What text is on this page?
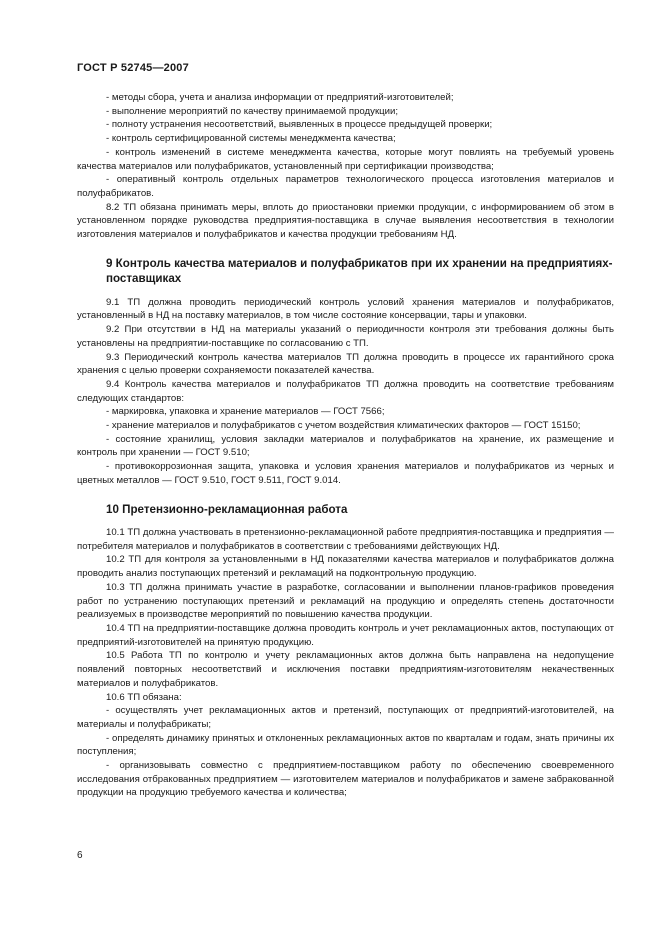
ГОСТ Р 52745—2007

- методы сбора, учета и анализа информации от предприятий-изготовителей;

- выполнение мероприятий по качеству принимаемой продукции;

- полноту устранения несоответствий, выявленных в процессе предыдущей проверки;

- контроль сертифицированной системы менеджмента качества;

- контроль изменений в системе менеджмента качества, которые могут повлиять на требуемый уровень качества материалов или полуфабрикатов, установленный при сертификации производства;

- оперативный контроль отдельных параметров технологического процесса изготовления материалов и полуфабрикатов.

8.2 ТП обязана принимать меры, вплоть до приостановки приемки продукции, с информированием об этом в установленном порядке руководства предприятия-поставщика в случае выявления несоответствия в технологии изготовления материалов и полуфабрикатов и качества продукции требованиям НД.

9 Контроль качества материалов и полуфабрикатов при их хранении на предприятиях-поставщиках

9.1 ТП должна проводить периодический контроль условий хранения материалов и полуфабрикатов, установленный в НД на поставку материалов, в том числе состояние консервации, тары и упаковки.

9.2 При отсутствии в НД на материалы указаний о периодичности контроля эти требования должны быть установлены на предприятии-поставщике по согласованию с ТП.

9.3 Периодический контроль качества материалов ТП должна проводить в процессе их гарантийного срока хранения с целью проверки сохраняемости показателей качества.

9.4 Контроль качества материалов и полуфабрикатов ТП должна проводить на соответствие требованиям следующих стандартов:

- маркировка, упаковка и хранение материалов — ГОСТ 7566;

- хранение материалов и полуфабрикатов с учетом воздействия климатических факторов — ГОСТ 15150;

- состояние хранилищ, условия закладки материалов и полуфабрикатов на хранение, их размещение и контроль при хранении — ГОСТ 9.510;

- противокоррозионная защита, упаковка и условия хранения материалов и полуфабрикатов из черных и цветных металлов — ГОСТ 9.510, ГОСТ 9.511, ГОСТ 9.014.

10 Претензионно-рекламационная работа

10.1 ТП должна участвовать в претензионно-рекламационной работе предприятия-поставщика и предприятия — потребителя материалов и полуфабрикатов в соответствии с требованиями действующих НД.

10.2 ТП для контроля за установленными в НД показателями качества материалов и полуфабрикатов должна проводить анализ поступающих претензий и рекламаций на подконтрольную продукцию.

10.3 ТП должна принимать участие в разработке, согласовании и выполнении планов-графиков проведения работ по устранению поступающих претензий и рекламаций на продукцию и определять степень достаточности реализуемых в производстве мероприятий по повышению качества продукции.

10.4 ТП на предприятии-поставщике должна проводить контроль и учет рекламационных актов, поступающих от предприятий-изготовителей на принятую продукцию.

10.5 Работа ТП по контролю и учету рекламационных актов должна быть направлена на недопущение появлений повторных несоответствий и исключения поставки предприятиям-изготовителям некачественных материалов и полуфабрикатов.

10.6 ТП обязана:

- осуществлять учет рекламационных актов и претензий, поступающих от предприятий-изготовителей, на материалы и полуфабрикаты;

- определять динамику принятых и отклоненных рекламационных актов по кварталам и годам, знать причины их поступления;

- организовывать совместно с предприятием-поставщиком работу по обеспечению своевременного исследования отбракованных предприятием — изготовителем материалов и полуфабрикатов и замене забракованной продукции на продукцию требуемого качества и количества;

6
